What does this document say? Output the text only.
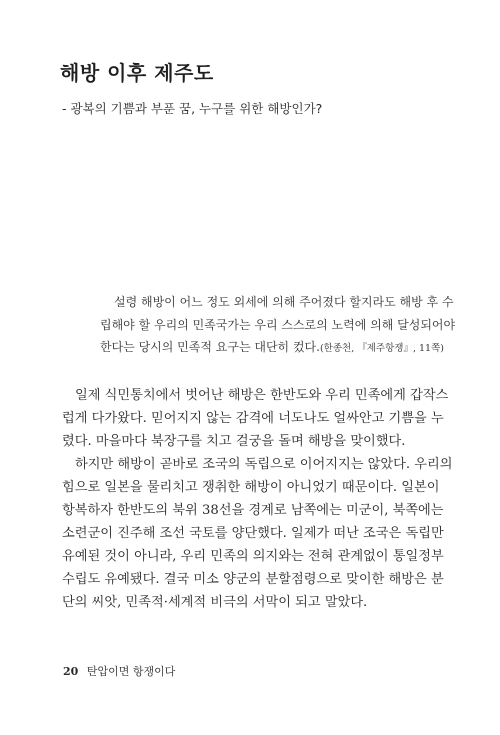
해방 이후 제주도

- 광복의 기쁨과 부푼 꿈, 누구를 위한 해방인가?

설령 해방이 어느 정도 외세에 의해 주어졌다 할지라도 해방 후 수

립해야 할 우리의 민족국가는 우리 스스로의 노력에 의해 달성되어야

한다는 당시의 민족적 요구는 대단히 컸다.(한종천, 『제주항쟁』, 11쪽)

일제 식민통치에서 벗어난 해방은 한반도와 우리 민족에게 갑작스
럽게 다가왔다. 믿어지지 않는 감격에 너도나도 얼싸안고 기쁨을 누
렸다. 마을마다 북장구를 치고 걸궁을 돌며 해방을 맞이했다.
하지만 해방이 곧바로 조국의 독립으로 이어지지는 않았다. 우리의
힘으로 일본을 물리치고 쟁취한 해방이 아니었기 때문이다. 일본이
항복하자 한반도의 북위 38선을 경계로 남쪽에는 미군이, 북쪽에는
소련군이 진주해 조선 국토를 양단했다. 일제가 떠난 조국은 독립만
유예된 것이 아니라, 우리 민족의 의지와는 전혀 관계없이 통일정부
수립도 유예됐다. 결국 미소 양군의 분할점령으로 맞이한 해방은 분
단의 씨앗, 민족적·세계적 비극의 서막이 되고 말았다.
20 탄압이면 항쟁이다
